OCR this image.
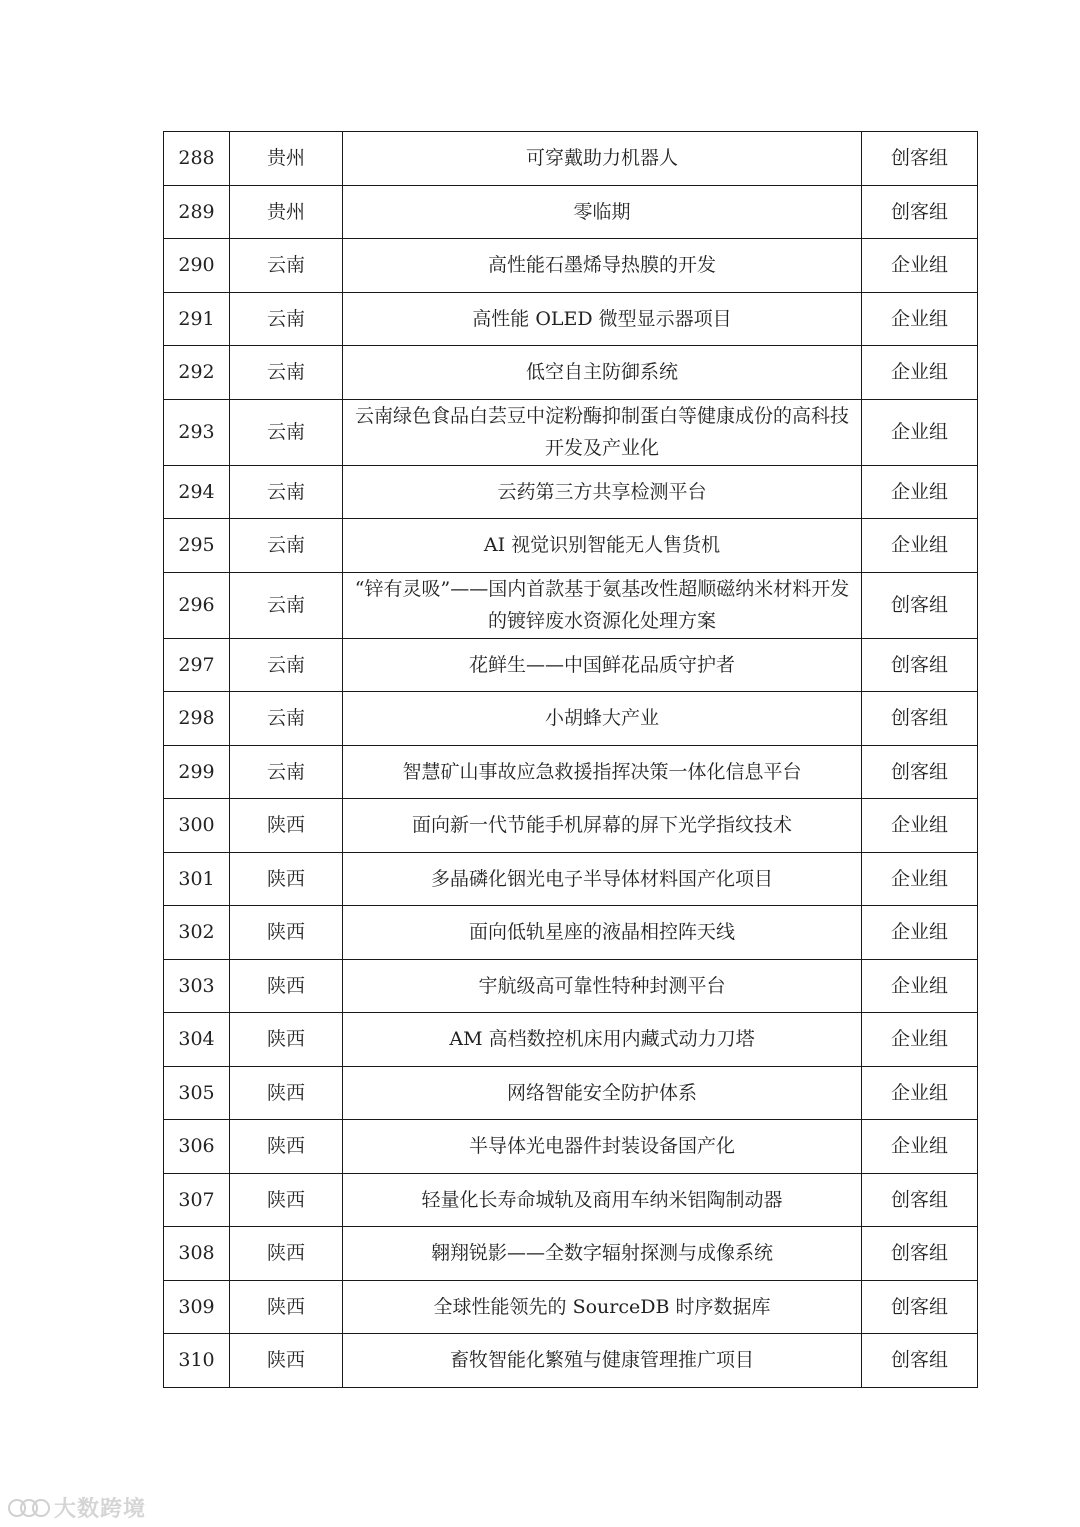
288	贵州	可穿戴助力机器人	创客组
289	贵州	零临期	创客组
290	云南	高性能石墨烯导热膜的开发	企业组
291	云南	高性能 OLED 微型显示器项目	企业组
292	云南	低空自主防御系统	企业组
293	云南	云南绿色食品白芸豆中淀粉酶抑制蛋白等健康成份的高科技开发及产业化	企业组
294	云南	云药第三方共享检测平台	企业组
295	云南	AI 视觉识别智能无人售货机	企业组
296	云南	“锌有灵吸”——国内首款基于氨基改性超顺磁纳米材料开发的镀锌废水资源化处理方案	创客组
297	云南	花鲜生——中国鲜花品质守护者	创客组
298	云南	小胡蜂大产业	创客组
299	云南	智慧矿山事故应急救援指挥决策一体化信息平台	创客组
300	陕西	面向新一代节能手机屏幕的屏下光学指纹技术	企业组
301	陕西	多晶磷化铟光电子半导体材料国产化项目	企业组
302	陕西	面向低轨星座的液晶相控阵天线	企业组
303	陕西	宇航级高可靠性特种封测平台	企业组
304	陕西	AM 高档数控机床用内藏式动力刀塔	企业组
305	陕西	网络智能安全防护体系	企业组
306	陕西	半导体光电器件封装设备国产化	企业组
307	陕西	轻量化长寿命城轨及商用车纳米铝陶制动器	创客组
308	陕西	翱翔锐影——全数字辐射探测与成像系统	创客组
309	陕西	全球性能领先的 SourceDB 时序数据库	创客组
310	陕西	畜牧智能化繁殖与健康管理推广项目	创客组
大数跨境
